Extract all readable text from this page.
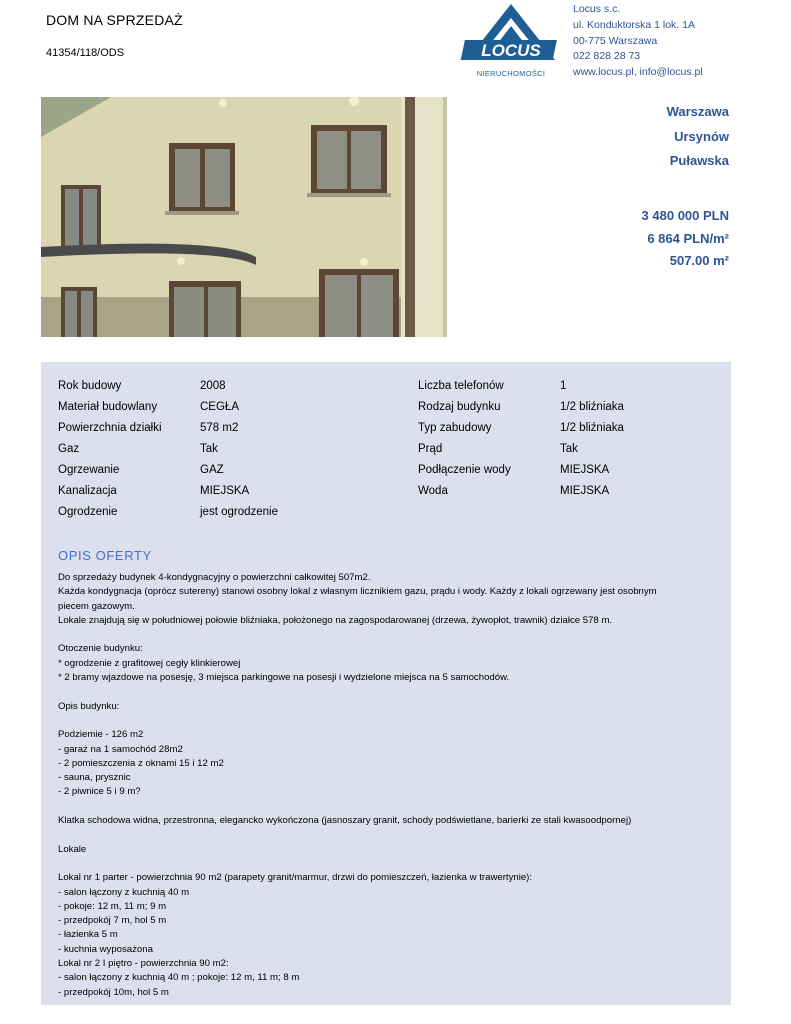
DOM NA SPRZEDAŻ
41354/118/ODS	LOCUS
NIERUCHOMOŚCI
Locus s.c.
ul. Konduktorska 1 lok. 1A
00-775 Warszawa
022 828 28 73
www.locus.pl, info@locus.pl
Warszawa
Ursynów
Puławska
3 480 000 PLN
6 864 PLN/m²
507.00 m²
Rok budowy	2008	Liczba telefonów	1
Materiał budowlany	CEGŁA	Rodzaj budynku	1/2 bliźniaka
Powierzchnia działki	578 m2	Typ zabudowy	1/2 bliźniaka
Gaz	Tak	Prąd	Tak
Ogrzewanie	GAZ	Podłączenie wody	MIEJSKA
Kanalizacja	MIEJSKA	Woda	MIEJSKA
Ogrodzenie	jest ogrodzenie
OPIS OFERTY
Do sprzedaży budynek 4-kondygnacyjny o powierzchni całkowitej 507m2.
Każda kondygnacja (oprócz sutereny) stanowi osobny lokal z własnym licznikiem gazu, prądu i wody. Każdy z lokali ogrzewany jest osobnym
piecem gazowym.
Lokale znajdują się w południowej połowie bliźniaka, położonego na zagospodarowanej (drzewa, żywopłot, trawnik) działce 578 m.
Otoczenie budynku:
* ogrodzenie z grafitowej cegły klinkierowej
* 2 bramy wjazdowe na posesję, 3 miejsca parkingowe na posesji i wydzielone miejsca na 5 samochodów.
Opis budynku:
Podziemie - 126 m2
- garaż na 1 samochód 28m2
- 2 pomieszczenia z oknami 15 i 12 m2
- sauna, prysznic
- 2 piwnice 5 i 9 m?
Klatka schodowa widna, przestronna, elegancko wykończona (jasnoszary granit, schody podświetlane, barierki ze stali kwasoodpornej)
Lokale
Lokal nr 1 parter - powierzchnia 90 m2 (parapety granit/marmur, drzwi do pomieszczeń, łazienka w trawertynie):
- salon łączony z kuchnią 40 m
- pokoje: 12 m, 11 m; 9 m
- przedpokój 7 m, hol 5 m
- łazienka 5 m
- kuchnia wyposażona
Lokal nr 2 I piętro - powierzchnia 90 m2:
- salon łączony z kuchnią 40 m ; pokoje: 12 m, 11 m; 8 m
- przedpokój 10m, hol 5 m
